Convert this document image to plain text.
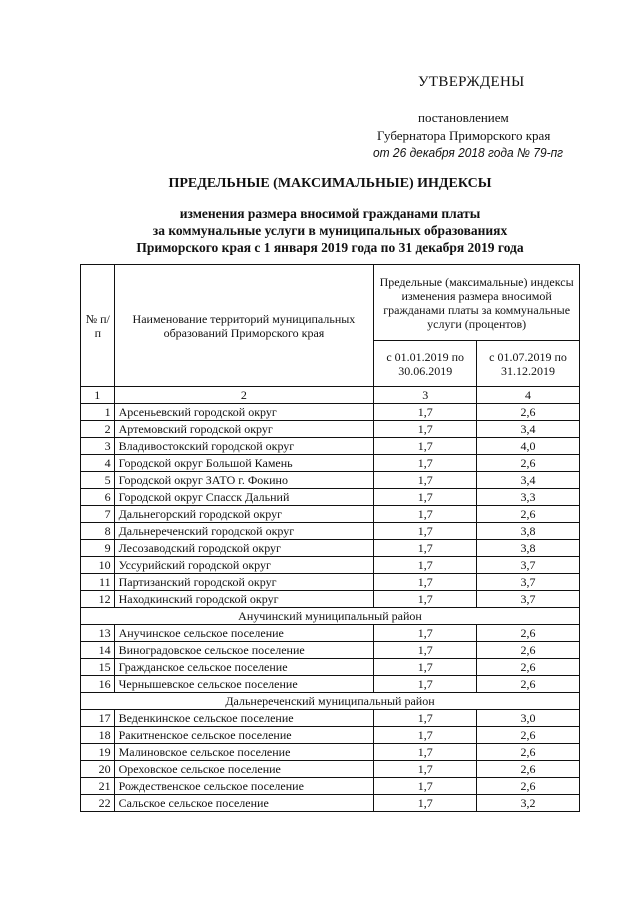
УТВЕРЖДЕНЫ
постановлением
Губернатора Приморского края
от 26 декабря 2018 года № 79-пг
ПРЕДЕЛЬНЫЕ (МАКСИМАЛЬНЫЕ) ИНДЕКСЫ
изменения размера вносимой гражданами платы
за коммунальные услуги в муниципальных образованиях
Приморского края с 1 января 2019 года по 31 декабря 2019 года
№ п/п	Наименование территорий муниципальных образований Приморского края	Предельные (максимальные) индексы изменения размера вносимой гражданами платы за коммунальные услуги (процентов)	
		с 01.01.2019 по 30.06.2019	с 01.07.2019 по 31.12.2019
1	2	3	4
1	Арсеньевский городской округ	1,7	2,6
2	Артемовский городской округ	1,7	3,4
3	Владивостокский городской округ	1,7	4,0
4	Городской округ Большой Камень	1,7	2,6
5	Городской округ ЗАТО г. Фокино	1,7	3,4
6	Городской округ Спасск Дальний	1,7	3,3
7	Дальнегорский городской округ	1,7	2,6
8	Дальнереченский городской округ	1,7	3,8
9	Лесозаводский городской округ	1,7	3,8
10	Уссурийский городской округ	1,7	3,7
11	Партизанский городской округ	1,7	3,7
12	Находкинский городской округ	1,7	3,7
Анучинский муниципальный район			
13	Анучинское сельское поселение	1,7	2,6
14	Виноградовское сельское поселение	1,7	2,6
15	Гражданское сельское поселение	1,7	2,6
16	Чернышевское сельское поселение	1,7	2,6
Дальнереченский муниципальный район			
17	Веденкинское сельское поселение	1,7	3,0
18	Ракитненское сельское поселение	1,7	2,6
19	Малиновское сельское поселение	1,7	2,6
20	Ореховское сельское поселение	1,7	2,6
21	Рождественское сельское поселение	1,7	2,6
22	Сальское сельское поселение	1,7	3,2
